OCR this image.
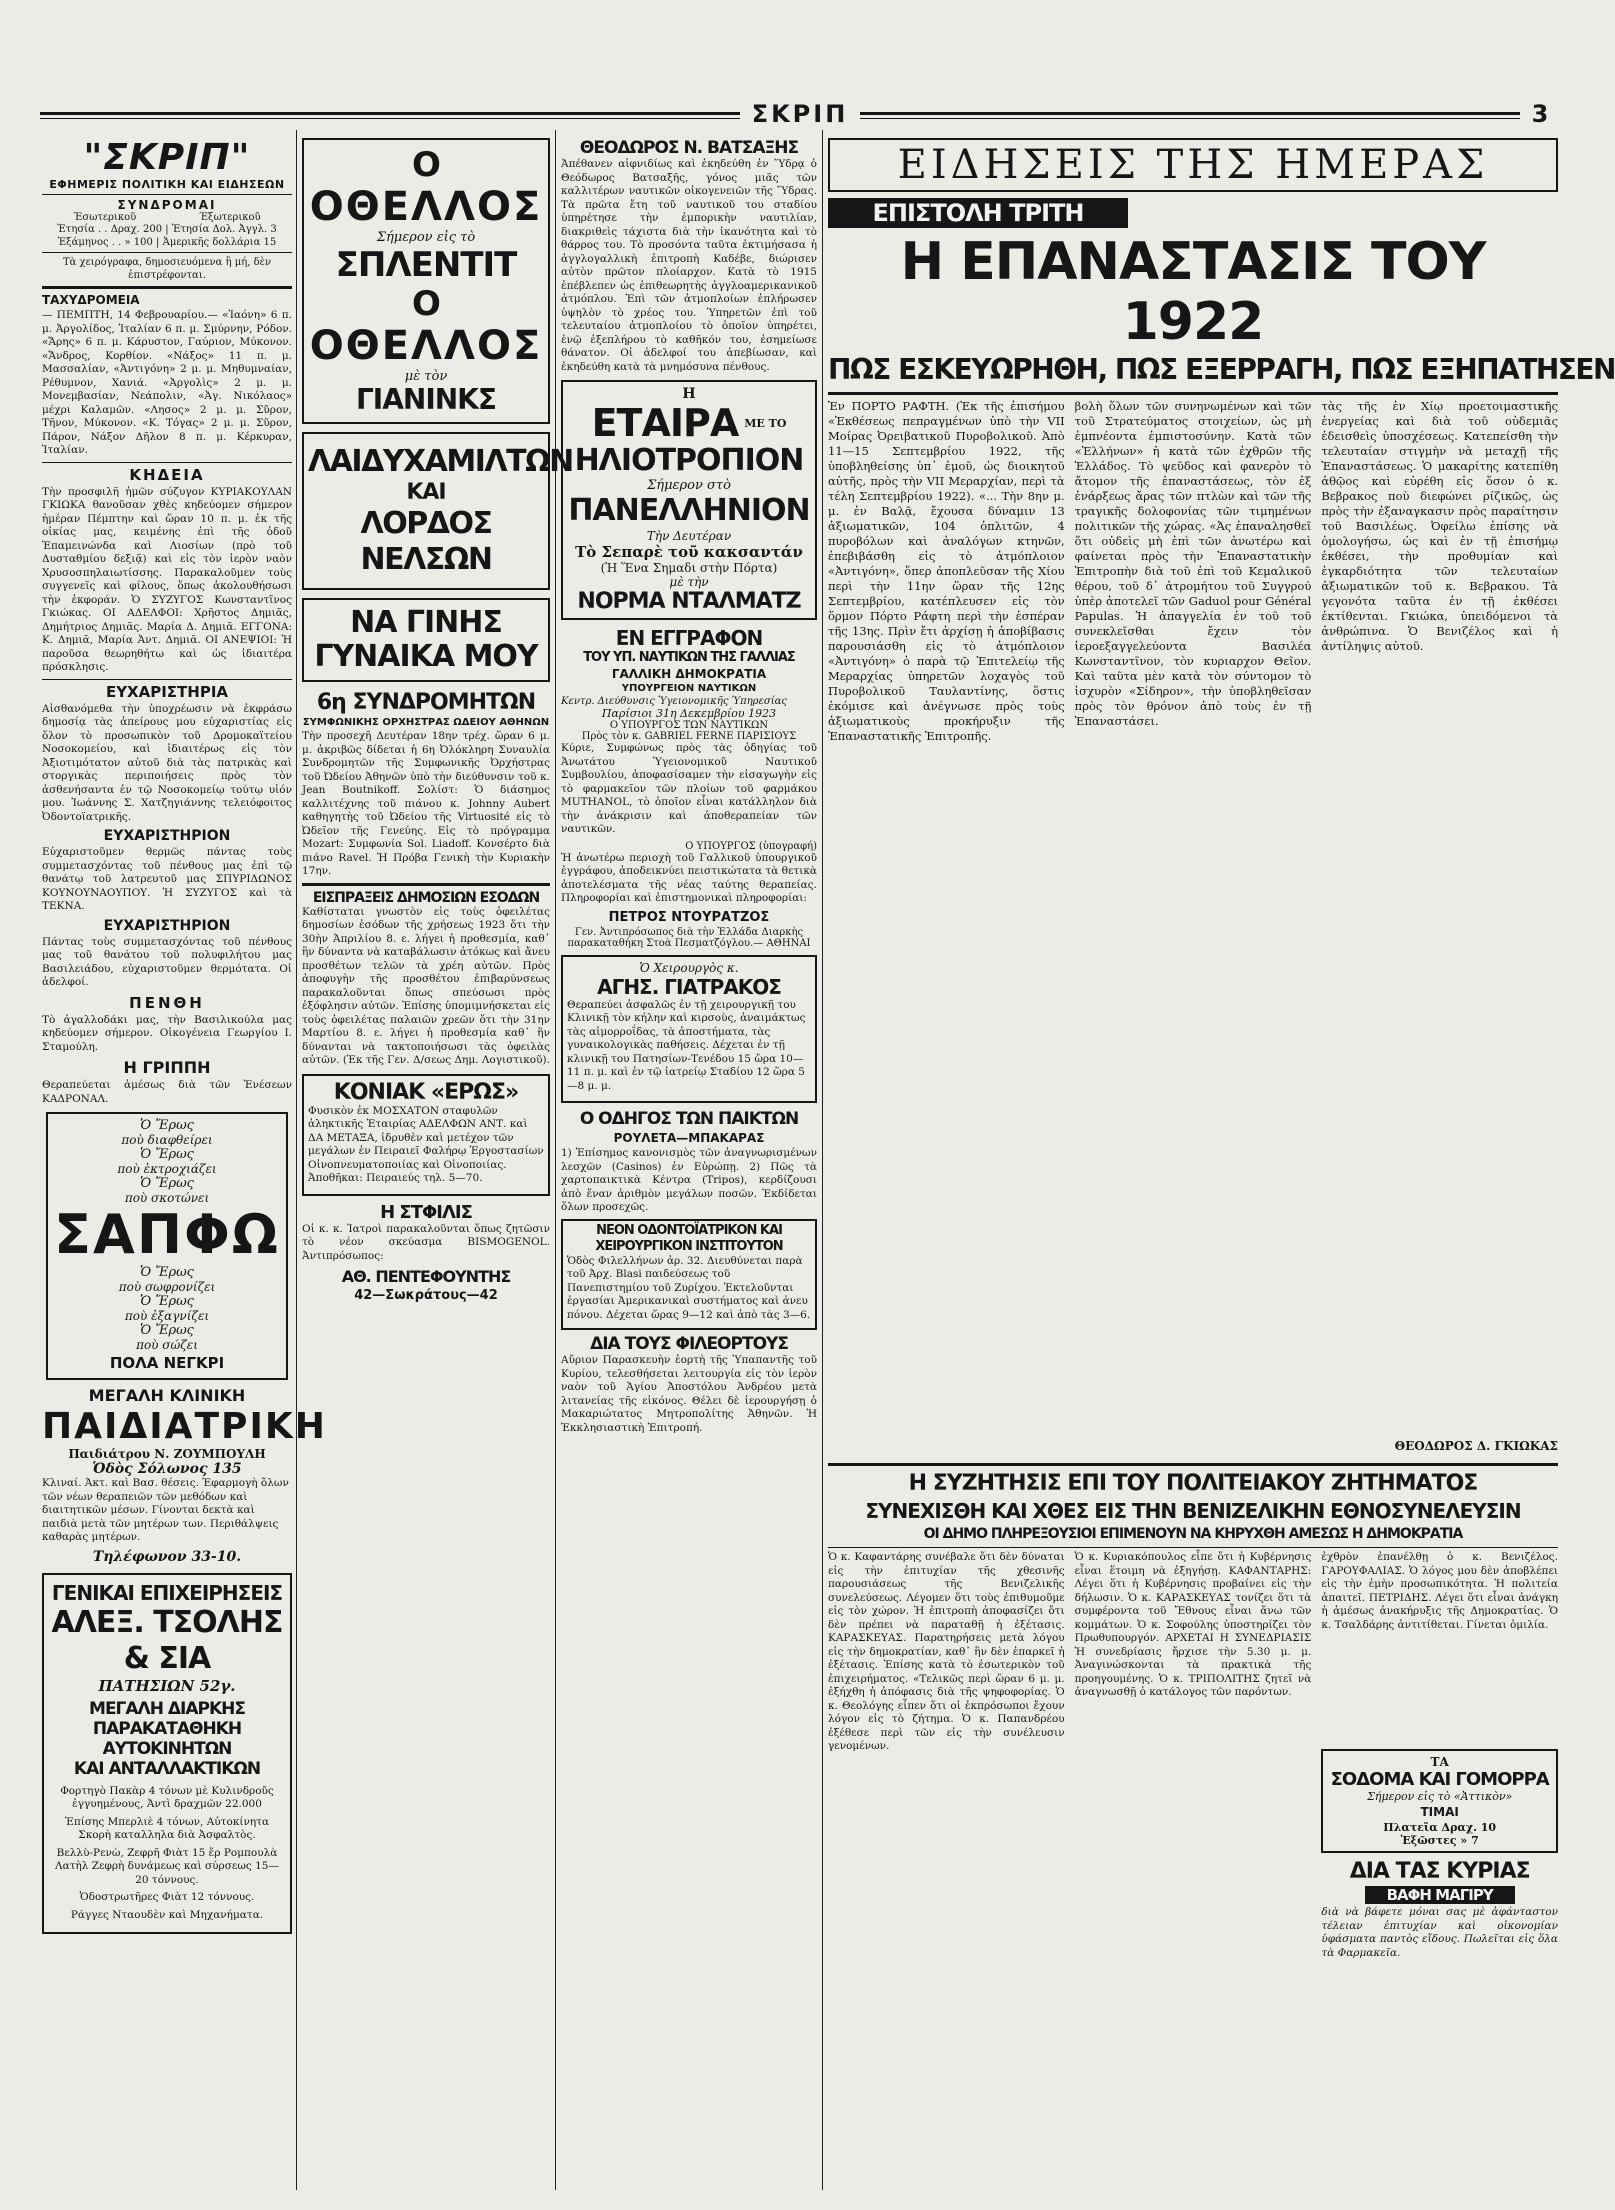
ΣΚΡΙΠ	3
"ΣΚΡΙΠ"
ΕΦΗΜΕΡΙΣ ΠΟΛΙΤΙΚΗ ΚΑΙ ΕΙΔΗΣΕΩΝ
ΣΥΝΔΡΟΜΑΙ
Έσωτερικοῦ	Έξωτερικοῦ
Ἐτησία . . Δραχ. 200 | Ἐτησία Δολ. Ἀγγλ. 3
Ἑξάμηνος . . » 100 | Ἀμερικῆς δολλάρια 15
Τὰ χειρόγραφα, δημοσιευόμενα ἢ μή, δὲν ἐπιστρέφονται.
ΤΑΧΥΔΡΟΜΕΙΑ

— ΠΕΜΠΤΗ, 14 Φεβρουαρίου.— «Ἰαόνη» 6 π. μ. Ἀργολίδος, Ἰταλίαν 6 π. μ. Σμύρνην, Ρόδον. «Ἄρης» 6 π. μ. Κάρυστον, Γαύριον, Μύκονον. «Ἄνδρος, Κορθίον. «Νάξος» 11 π. μ. Μασσαλίαν, «Ἀντιγόνη» 2 μ. μ. Μηθυμναίαν, Ρέθυμνον, Χανιά. «Ἀργολὶς» 2 μ. μ. Μονεμβασίαν, Νεάπολιν, «Ἀγ. Νικόλαος» μέχρι Καλαμῶν. «Λησος» 2 μ. μ. Σῦρον, Τῆνον, Μύκονον. «Κ. Τόγας» 2 μ. μ. Σῦρον, Πάρον, Νάξον Δῆλον 8 π. μ. Κέρκυραν, Ἰταλίαν.

ΚΗΔΕΙΑ

Τὴν προσφιλῆ ἡμῶν σύζυγον ΚΥΡΙΑΚΟΥΛΑΝ ΓΚΙΩΚΑ θανοῦσαν χθὲς κηδεύομεν σήμερον ἡμέραν Πέμπτην καὶ ὥραν 10 π. μ. ἐκ τῆς οἰκίας μας, κειμένης ἐπὶ τῆς ὁδοῦ Ἐπαμεινώνδα καὶ Λιοσίων (πρὸ τοῦ Δυσταθμίου δεξιᾷ) καὶ εἰς τὸν ἱερὸν ναὸν Χρυσοσπηλαιωτίσσης. Παρακαλοῦμεν τοὺς συγγενεῖς καὶ φίλους, ὅπως ἀκολουθήσωσι τὴν ἐκφοράν. Ὁ ΣΥΖΥΓΟΣ Κωνσταντῖνος Γκιώκας. ΟΙ ΑΔΕΛΦΟΙ: Χρῆστος Δημιᾶς, Δημήτριος Δημιᾶς. Μαρία Δ. Δημιᾶ. ΕΓΓΟΝΑ: Κ. Δημιᾶ, Μαρία Ἀντ. Δημιᾶ. ΟΙ ΑΝΕΨΙΟΙ: Ἡ παροῦσα θεωρηθήτω καὶ ὡς ἰδιαιτέρα πρόσκλησις.

ΕΥΧΑΡΙΣΤΗΡΙΑ

Αἰσθανόμεθα τὴν ὑποχρέωσιν νὰ ἐκφράσω δημοσίᾳ τὰς ἀπείρους μου εὐχαριστίας εἰς ὅλον τὸ προσωπικὸν τοῦ Δρομοκαϊτείου Νοσοκομείου, καὶ ἰδιαιτέρως εἰς τὸν Ἀξιοτιμότατον αὐτοῦ διὰ τὰς πατρικὰς καὶ στοργικὰς περιποιήσεις πρὸς τὸν ἀσθενήσαντα ἐν τῷ Νοσοκομείῳ τούτῳ υἱόν μου. Ἰωάννης Σ. Χατζηγιάννης τελειόφοιτος Ὀδοντοϊατρικῆς.

ΕΥΧΑΡΙΣΤΗΡΙΟΝ

Εὐχαριστοῦμεν θερμῶς πάντας τοὺς συμμετασχόντας τοῦ πένθους μας ἐπὶ τῷ θανάτῳ τοῦ λατρευτοῦ μας ΣΠΥΡΙΔΩΝΟΣ ΚΟΥΝΟΥΝΑΟΥΠΟΥ. Ἡ ΣΥΖΥΓΟΣ καὶ τὰ ΤΕΚΝΑ.

ΕΥΧΑΡΙΣΤΗΡΙΟΝ

Πάντας τοὺς συμμετασχόντας τοῦ πένθους μας τοῦ θανάτου τοῦ πολυφιλήτου μας Βασιλειάδου, εὐχαριστοῦμεν θερμότατα. Οἱ ἀδελφοί.

ΠΕΝΘΗ

Τὸ ἀγαλλοδάκι μας, τὴν Βασιλικούλα μας κηδεύομεν σήμερον. Οἰκογένεια Γεωργίου Ι. Σταμούλη.

Η ΓΡΙΠΠΗ

Θεραπεύεται ἀμέσως διὰ τῶν Ἐνέσεων ΚΑΔΡΟΝΑΛ.

Ὁ Ἔρως
ποὺ διαφθείρει
Ὁ Ἔρως
ποὺ ἐκτροχιάζει
Ὁ Ἔρως
ποὺ σκοτώνει
ΣΑΠΦΩ
Ὁ Ἔρως
ποὺ σωφρονίζει
Ὁ Ἔρως
ποὺ ἐξαγνίζει
Ὁ Ἔρως
ποὺ σώζει
ΠΟΛΑ ΝΕΓΚΡΙ
ΜΕΓΑΛΗ ΚΛΙΝΙΚΗ
ΠΑΙΔΙΑΤΡΙΚΗ
Παιδιάτρου Ν. ΖΟΥΜΠΟΥΛΗ
Ὁδὸς Σόλωνος 135

Κλιναί. Ἀκτ. καὶ Βασ. θέσεις. Ἐφαρμογὴ ὅλων τῶν νέων θεραπειῶν τῶν μεθόδων καὶ διαιτητικῶν μέσων. Γίνονται δεκτὰ καὶ παιδιὰ μετὰ τῶν μητέρων των. Περιθάλψεις καθαρὰς μητέρων.

Τηλέφωνον 33-10.
ΓΕΝΙΚΑΙ ΕΠΙΧΕΙΡΗΣΕΙΣ
ΑΛΕΞ. ΤΣΟΛΗΣ & ΣΙΑ
ΠΑΤΗΣΙΩΝ 52γ.
ΜΕΓΑΛΗ ΔΙΑΡΚΗΣ ΠΑΡΑΚΑΤΑΘΗΚΗ ΑΥΤΟΚΙΝΗΤΩΝ
ΚΑΙ ΑΝΤΑΛΛΑΚΤΙΚΩΝ

Φορτηγὸ Πακὰρ 4 τόνων μὲ Κυλινδροῦς ἐγγυημένους, Ἀντὶ δραχμῶν 22.000

Ἐπίσης Μπερλιὲ 4 τόνων, Αὐτοκίνητα Σκορὴ καταλληλα διὰ Ἀσφαλτὸς.

Βελλὺ-Ρενὼ, Ζεφρῆ Φιὰτ 15 ἕρ Ρομπουλὰ Λατὴλ Ζεφρὴ δυνάμεως καὶ σύρσεως 15—20 τόννους.

Ὁδοστρωτῆρες Φιὰτ 12 τόννους.

Ράγγες Νταουδὲν καὶ Μηχανήματα.

Ο
ΟΘΕΛΛΟΣ
Σήμερον εἰς τὸ
ΣΠΛΕΝΤΙΤ
Ο
ΟΘΕΛΛΟΣ
μὲ τὸν
ΓΙΑΝΙΝΚΣ
ΛΑΙΔΥΧΑΜΙΛΤΩΝ
ΚΑΙ
ΛΟΡΔΟΣ ΝΕΛΣΩΝ
ΝΑ ΓΙΝΗΣ
ΓΥΝΑΙΚΑ ΜΟΥ
6η ΣΥΝΔΡΟΜΗΤΩΝ
ΣΥΜΦΩΝΙΚΗΣ ΟΡΧΗΣΤΡΑΣ ΩΔΕΙΟΥ ΑΘΗΝΩΝ

Τὴν προσεχῆ Δευτέραν 18ην τρέχ. ὥραν 6 μ. μ. ἀκριβῶς δίδεται ἡ 6η Ὀλόκληρη Συναυλία Συνδρομητῶν τῆς Συμφωνικῆς Ὀρχήστρας τοῦ Ὠδείου Ἀθηνῶν ὑπὸ τὴν διεύθυνσιν τοῦ κ. Jean Boutnikoff. Σολίστ: Ὁ διάσημος καλλιτέχνης τοῦ πιάνου κ. Johnny Aubert καθηγητὴς τοῦ Ὠδείου τῆς Virtuosité εἰς τὸ Ὠδεῖον τῆς Γενεύης. Εἰς τὸ πρόγραμμα Mozart: Συμφωνία Sol. Liadoff. Κονσέρτο διὰ πιάνο Ravel. Ἡ Πρόβα Γενικὴ τὴν Κυριακὴν 17ην.

ΕΙΣΠΡΑΞΕΙΣ ΔΗΜΟΣΙΩΝ ΕΣΟΔΩΝ

Καθίσταται γνωστὸν εἰς τοὺς ὀφειλέτας δημοσίων ἐσόδων τῆς χρήσεως 1923 ὅτι τὴν 30ὴν Ἀπριλίου 8. ε. λήγει ἡ προθεσμία, καθ᾽ ἣν δύναντα νὰ καταβάλωσιν ἀτόκως καὶ ἄνευ προσθέτων τελῶν τὰ χρέη αὐτῶν. Πρὸς ἀποφυγὴν τῆς προσθέτου ἐπιβαρύνσεως παρακαλοῦνται ὅπως σπεύσωσι πρὸς ἐξόφλησιν αὐτῶν. Ἐπίσης ὑπομιμνήσκεται εἰς τοὺς ὀφειλέτας παλαιῶν χρεῶν ὅτι τὴν 31ην Μαρτίου 8. ε. λήγει ἡ προθεσμία καθ᾽ ἣν δύνανται νὰ τακτοποιήσωσι τὰς ὀφειλὰς αὐτῶν. (Ἐκ τῆς Γεν. Δ/σεως Δημ. Λογιστικοῦ).

ΚΟΝΙΑΚ «ΕΡΩΣ»

Φυσικὸν ἐκ ΜΟΣΧΑΤΟΝ σταφυλῶν ἀληκτικῆς Ἑταιρίας ΑΔΕΛΦΩΝ ΑΝΤ. καὶ ΔΑ ΜΕΤΑΞΑ, ἱδρυθὲν καὶ μετέχον τῶν μεγάλων ἐν Πειραιεῖ Φαλήρῳ Ἐργοστασίων Οἰνοπνευματοποιίας καὶ Οἰνοποιίας. Ἀποθῆκαι: Πειραιεύς τηλ. 5—70.

Η ΣΤΦΙΛΙΣ

Οἱ κ. κ. Ἰατροὶ παρακαλοῦνται ὅπως ζητῶσιν τὸ νέον σκεύασμα BISMOGENOL. Ἀντιπρόσωπος:

ΑΘ. ΠΕΝΤΕΦΟΥΝΤΗΣ
42—Σωκράτους—42
ΘΕΟΔΩΡΟΣ Ν. ΒΑΤΣΑΞΗΣ

Ἀπέθανεν αἰφνιδίως καὶ ἐκηδεύθη ἐν Ὕδρᾳ ὁ Θεόδωρος Βατσαξῆς, γόνος μιᾶς τῶν καλλιτέρων ναυτικῶν οἰκογενειῶν τῆς Ὕδρας. Τὰ πρῶτα ἔτη τοῦ ναυτικοῦ του σταδίου ὑπηρέτησε τὴν ἐμπορικὴν ναυτιλίαν, διακριθεὶς τάχιστα διὰ τὴν ἱκανότητα καὶ τὸ θάρρος του. Τὸ προσόντα ταῦτα ἐκτιμήσασα ἡ ἀγγλογαλλικὴ ἐπιτροπὴ Καδέβε, διώρισεν αὐτὸν πρῶτον πλοίαρχον. Κατὰ τὸ 1915 ἐπέβλεπεν ὡς ἐπιθεωρητὴς ἀγγλοαμερικανικοῦ ἀτμόπλου. Ἐπὶ τῶν ἀτμοπλοίων ἐπλήρωσεν ὑψηλὸν τὸ χρέος του. Ὑπηρετῶν ἐπὶ τοῦ τελευταίου ἀτμοπλοίου τὸ ὁποῖον ὑπηρέτει, ἐνῷ ἐξεπλήρου τὸ καθῆκόν του, ἐσημείωσε θάνατον. Οἱ ἀδελφοί του ἀπεβίωσαν, καὶ ἐκηδεύθη κατὰ τὰ μνημόσυνα πένθους.

Η
ΕΤΑΙΡΑ ΜΕ ΤΟ
ΗΛΙΟΤΡΟΠΙΟΝ
Σήμερον στὸ
ΠΑΝΕΛΛΗΝΙΟΝ
Τὴν Δευτέραν
Τὸ Σεπαρὲ τοῦ κακσαντάν
(Ἡ Ἕνα Σημαδι στὴν Πόρτα)
μὲ τὴν
ΝΟΡΜΑ ΝΤΑΛΜΑΤΖ
ΕΝ ΕΓΓΡΑΦΟΝ
ΤΟΥ ΥΠ. ΝΑΥΤΙΚΩΝ ΤΗΣ ΓΑΛΛΙΑΣ
ΓΑΛΛΙΚΗ ΔΗΜΟΚΡΑΤΙΑ
ΥΠΟΥΡΓΕΙΟΝ ΝΑΥΤΙΚΩΝ
Κεντρ. Διεύθυνσις Ὑγειονομικῆς Ὑπηρεσίας
Παρίσιοι 31η Δεκεμβρίου 1923
Ο ΥΠΟΥΡΓΟΣ ΤΩΝ ΝΑΥΤΙΚΩΝ
Πρὸς τὸν κ. GABRIEL FERNE ΠΑΡΙΣΙΟΥΣ

Κύριε, Συμφώνως πρὸς τὰς ὁδηγίας τοῦ Ἀνωτάτου Ὑγειονομικοῦ Ναυτικοῦ Συμβουλίου, ἀποφασίσαμεν τὴν εἰσαγωγὴν εἰς τὸ φαρμακεῖον τῶν πλοίων τοῦ φαρμάκου MUTHANOL, τὸ ὁποῖον εἶναι κατάλληλον διὰ τὴν ἀνάκρισιν καὶ ἀποθεραπείαν τῶν ναυτικῶν.

Ο ΥΠΟΥΡΓΟΣ (ὑπογραφή)

Ἡ ἀνωτέρω περιοχὴ τοῦ Γαλλικοῦ ὑπουργικοῦ ἐγγράφου, ἀποδεικνύει πειστικώτατα τὰ θετικὰ ἀποτελέσματα τῆς νέας ταύτης θεραπείας. Πληροφορίαι καὶ ἐπιστημονικαὶ πληροφορίαι:

ΠΕΤΡΟΣ ΝΤΟΥΡΑΤΖΟΣ
Γεν. Ἀντιπρόσωπος διὰ τὴν Ἑλλάδα Διαρκὴς παρακαταθήκη Στοὰ Πεσματζόγλου.— ΑΘΗΝΑΙ
Ὁ Χειρουργὸς κ.
ΑΓΗΣ. ΓΙΑΤΡΑΚΟΣ

Θεραπεύει ἀσφαλῶς ἐν τῇ χειρουργικῇ του Κλινικῇ τὸν κήλην καὶ κιρσοὺς, ἀναιμάκτως τὰς αἱμορροΐδας, τὰ ἀποστήματα, τὰς γυναικολογικὰς παθήσεις. Δέχεται ἐν τῇ κλινικῇ του Πατησίων-Τενέδου 15 ὥρα 10—11 π. μ. καὶ ἐν τῷ ἰατρείῳ Σταδίου 12 ὥρα 5—8 μ. μ.

Ο ΟΔΗΓΟΣ ΤΩΝ ΠΑΙΚΤΩΝ
ΡΟΥΛΕΤΑ—ΜΠΑΚΑΡΑΣ

1) Ἐπίσημος κανονισμὸς τῶν ἀναγνωρισμένων λεσχῶν (Casinos) ἐν Εὐρώπῃ. 2) Πῶς τὰ χαρτοπαικτικὰ Κέντρα (Tripos), κερδίζουσι ἀπὸ ἕναν ἀριθμὸν μεγάλων ποσῶν. Ἐκδίδεται ὅλων προσεχῶς.

ΝΕΟΝ ΟΔΟΝΤΟΪΑΤΡΙΚΟΝ ΚΑΙ ΧΕΙΡΟΥΡΓΙΚΟΝ ΙΝΣΤΙΤΟΥΤΟΝ

Ὁδὸς Φιλελλήνων ἀρ. 32. Διευθύνεται παρὰ τοῦ Ἀρχ. Blasi παιδεύσεως τοῦ Πανεπιστημίου τοῦ Ζυρίχου. Ἐκτελοῦνται ἐργασίαι Ἀμερικανικαὶ συστήματος καὶ ἀνευ πόνου. Δέχεται ὥρας 9—12 καὶ ἀπὸ τὰς 3—6.

ΔΙΑ ΤΟΥΣ ΦΙΛΕΟΡΤΟΥΣ

Αὔριον Παρασκευὴν ἑορτὴ τῆς Ὑπαπαντῆς τοῦ Κυρίου, τελεσθήσεται λειτουργία εἰς τὸν ἱερὸν ναὸν τοῦ Ἁγίου Ἀποστόλου Ἀνδρέου μετὰ λιτανείας τῆς εἰκόνος. Θέλει δὲ ἱερουργήσῃ ὁ Μακαριώτατος Μητροπολίτης Ἀθηνῶν. Ἡ Ἐκκλησιαστικὴ Ἐπιτροπή.

ΕΙΔΗΣΕΙΣ ΤΗΣ ΗΜΕΡΑΣ
ΕΠΙΣΤΟΛΗ ΤΡΙΤΗ
Η ΕΠΑΝΑΣΤΑΣΙΣ ΤΟΥ 1922
ΠΩΣ ΕΣΚΕΥΩΡΗΘΗ, ΠΩΣ ΕΞΕΡΡΑΓΗ, ΠΩΣ ΕΞΗΠΑΤΗΣΕΝ

Ἐν ΠΟΡΤΟ ΡΑΦΤΗ. (Ἐκ τῆς ἐπισήμου «Ἐκθέσεως πεπραγμένων ὑπὸ τὴν VII Μοίρας Ὀρειβατικοῦ Πυροβολικοῦ. Ἀπὸ 11—15 Σεπτεμβρίου 1922, τῆς ὑποβληθείσης ὑπ᾽ ἐμοῦ, ὡς διοικητοῦ αὐτῆς, πρὸς τὴν VII Μεραρχίαν, περὶ τὰ τέλη Σεπτεμβρίου 1922). «... Τὴν 8ην μ. μ. ἐν Βαλᾷ, ἔχουσα δύναμιν 13 ἀξιωματικῶν, 104 ὁπλιτῶν, 4 πυροβόλων καὶ ἀναλόγων κτηνῶν, ἐπεβιβάσθη εἰς τὸ ἀτμόπλοιον «Ἀντιγόνη», ὅπερ ἀποπλεῦσαν τῆς Χίου περὶ τὴν 11ην ὥραν τῆς 12ης Σεπτεμβρίου, κατέπλευσεν εἰς τὸν ὅρμον Πόρτο Ράφτη περὶ τὴν ἑσπέραν τῆς 13ης. Πρὶν ἔτι ἀρχίσῃ ἡ ἀποβίβασις παρουσιάσθη εἰς τὸ ἀτμόπλοιον «Ἀντιγόνη» ὁ παρὰ τῷ Ἐπιτελείῳ τῆς Μεραρχίας ὑπηρετῶν λοχαγὸς τοῦ Πυροβολικοῦ Ταυλαντίνης, ὅστις ἐκόμισε καὶ ἀνέγνωσε πρὸς τοὺς ἀξιωματικοὺς προκήρυξιν τῆς Ἐπαναστατικῆς Ἐπιτροπῆς.

βολὴ ὅλων τῶν συνηνωμένων καὶ τῶν τοῦ Στρατεύματος στοιχείων, ὡς μὴ ἐμπνέοντα ἐμπιστοσύνην. Κατὰ τῶν «Ἐλλήνων» ἡ κατὰ τῶν ἐχθρῶν τῆς Ἑλλάδος. Τὸ ψεῦδος καὶ φανερὸν τὸ ἄτομον τῆς ἐπαναστάσεως, τὸν ἐξ ἐνάρξεως ἄρας τῶν πτλὼν καὶ τῶν τῆς τραγικῆς δολοφονίας τῶν τιμημένων πολιτικῶν τῆς χώρας. «Ἀς ἐπαναλησθεῖ ὅτι οὐδεὶς μὴ ἐπὶ τῶν ἀνωτέρω καὶ φαίνεται πρὸς τὴν Ἐπαναστατικὴν Ἐπιτροπὴν διὰ τοῦ ἐπὶ τοῦ Κεμαλικοῦ θέρου, τοῦ δ᾽ ἀτρομήτου τοῦ Συγγρού ὑπὲρ ἀποτελεῖ τῶν Gaduol pour Général Papulas. Ἡ ἀπαγγελία ἐν τοῦ τοῦ συνεκλεῖσθαι ἔχειν τὸν ἱεροεξαγγελεύοντα Βασιλέα Κωνσταντῖνον, τὸν κυριαρχον Θεῖον. Καὶ ταῦτα μὲν κατὰ τὸν σύντομον τὸ ἰσχυρὸν «Σίδηρον», τὴν ὑποβληθεῖσαν πρὸς τὸν θρόνον ἀπὸ τοὺς ἐν τῇ Ἐπαναστάσει.

τὰς τῆς ἐν Χίῳ προετοιμαστικῆς ἐνεργείας καὶ διὰ τοῦ οὐδεμιᾶς ἐδεισθεὶς ὑποσχέσεως. Κατεπείσθη τὴν τελευταίαν στιγμὴν νὰ μεταχῇ τῆς Ἐπαναστάσεως. Ὁ μακαρίτης κατεπίθη ἀθῷος καὶ εὑρέθη εἰς ὅσον ὁ κ. Βεβρακος ποὺ διεφώνει ρίζικῶς, ὡς πρὸς τὴν ἐξαναγκασιν πρὸς παραίτησιν τοῦ Βασιλέως. Ὀφείλω ἐπίσης νὰ ὁμολογήσω, ὡς καὶ ἐν τῇ ἐπισήμῳ ἐκθέσει, τὴν προθυμίαν καὶ ἐγκαρδιότητα τῶν τελευταίων ἀξιωματικῶν τοῦ κ. Βεβρακου. Τὰ γεγονότα ταῦτα ἐν τῇ ἐκθέσει ἐκτίθενται. Γκιώκα, ὑπειδόμενοι τὰ ἀνθρώπινα. Ὁ Βενιζέλος καὶ ἡ ἀντίληψις αὐτοῦ.

ΘΕΟΔΩΡΟΣ Δ. ΓΚΙΩΚΑΣ
Η ΣΥΖΗΤΗΣΙΣ ΕΠΙ ΤΟΥ ΠΟΛΙΤΕΙΑΚΟΥ ΖΗΤΗΜΑΤΟΣ
ΣΥΝΕΧΙΣΘΗ ΚΑΙ ΧΘΕΣ ΕΙΣ ΤΗΝ ΒΕΝΙΖΕΛΙΚΗΝ ΕΘΝΟΣΥΝΕΛΕΥΣΙΝ
ΟΙ ΔΗΜΟ ΠΛΗΡΕΞΟΥΣΙΟΙ ΕΠΙΜΕΝΟΥΝ ΝΑ ΚΗΡΥΧΘΗ ΑΜΕΣΩΣ Η ΔΗΜΟΚΡΑΤΙΑ

Ὁ κ. Καφαντάρης συνέβαλε ὅτι δὲν δύναται εἰς τὴν ἐπιτυχίαν τῆς χθεσινῆς παρουσιάσεως τῆς Βενιζελικῆς συνελεύσεως. Λέγομεν ὅτι τοὺς ἐπιθυμοῦμε εἰς τὸν χώρον. Ἡ ἐπιτροπὴ ἀποφασίζει ὅτι δὲν πρέπει νὰ παραταθῇ ἡ ἐξέτασις. ΚΑΡΑΣΚΕΥΑΣ. Παρατηρήσεις μετὰ λόγου εἰς τὴν δημοκρατίαν, καθ᾽ ἣν δὲν ἐπαρκεῖ ἡ ἐξέτασις. Ἐπίσης κατὰ τὸ ἐσωτερικὸν τοῦ ἐπιχειρήματος. «Τελικῶς περὶ ὥραν 6 μ. μ. ἐξήχθη ἡ ἀπόφασις διὰ τῆς ψηφοφορίας. Ὁ κ. Θεολόγης εἶπεν ὅτι οἱ ἐκπρόσωποι ἔχουν λόγον εἰς τὸ ζήτημα. Ὁ κ. Παπανδρέου ἐξέθεσε περὶ τῶν εἰς τὴν συνέλευσιν γενομένων.

Ὁ κ. Κυριακόπουλος εἶπε ὅτι ἡ Κυβέρνησις εἶναι ἕτοιμη νὰ ἐξηγήσῃ. ΚΑΦΑΝΤΑΡΗΣ: Λέγει ὅτι ἡ Κυβέρνησις προβαίνει εἰς τὴν δήλωσιν. Ὁ κ. ΚΑΡΑΣΚΕΥΑΣ τονίζει ὅτι τὰ συμφέροντα τοῦ Ἔθνους εἶναι ἄνω τῶν κομμάτων. Ὁ κ. Σοφούλης ὑποστηρίζει τὸν Πρωθυπουργόν. ΑΡΧΕΤΑΙ Η ΣΥΝΕΔΡΙΑΣΙΣ Ἡ συνεδρίασις ἤρχισε τὴν 5.30 μ. μ. Ἀναγινώσκονται τὰ πρακτικὰ τῆς προηγουμένης. Ὁ κ. ΤΡΙΠΟΛΙΤΗΣ ζητεῖ νὰ ἀναγνωσθῇ ὁ κατάλογος τῶν παρόντων.

ἐχθρὸν ἐπανέλθῃ ὁ κ. Βενιζέλος. ΓΑΡΟΥΦΑΛΙΑΣ. Ὁ λόγος μου δὲν ἀποβλέπει εἰς τὴν ἐμὴν προσωπικότητα. Ἡ πολιτεία ἀπαιτεῖ. ΠΕΤΡΙΔΗΣ. Λέγει ὅτι εἶναι ἀνάγκη ἡ ἀμέσως ἀνακήρυξις τῆς Δημοκρατίας. Ὁ κ. Τσαλδάρης ἀντιτίθεται. Γίνεται ὁμιλία.

ΤΑ
ΣΟΔΟΜΑ ΚΑΙ ΓΟΜΟΡΡΑ
Σήμερον εἰς τὸ «Ἀττικὸν»
ΤΙΜΑΙ
Πλατεῖα Δραχ. 10
Ἐξῶστες » 7
ΔΙΑ ΤΑΣ ΚΥΡΙΑΣ
ΒΑΦΗ ΜΑΓΙΡΥ

διὰ νὰ βάφετε μόναι σας μὲ ἀφάνταστον τέλειαν ἐπιτυχίαν καὶ οἰκονομίαν ὑφάσματα παντὸς εἴδους. Πωλεῖται εἰς ὅλα τὰ Φαρμακεῖα.
